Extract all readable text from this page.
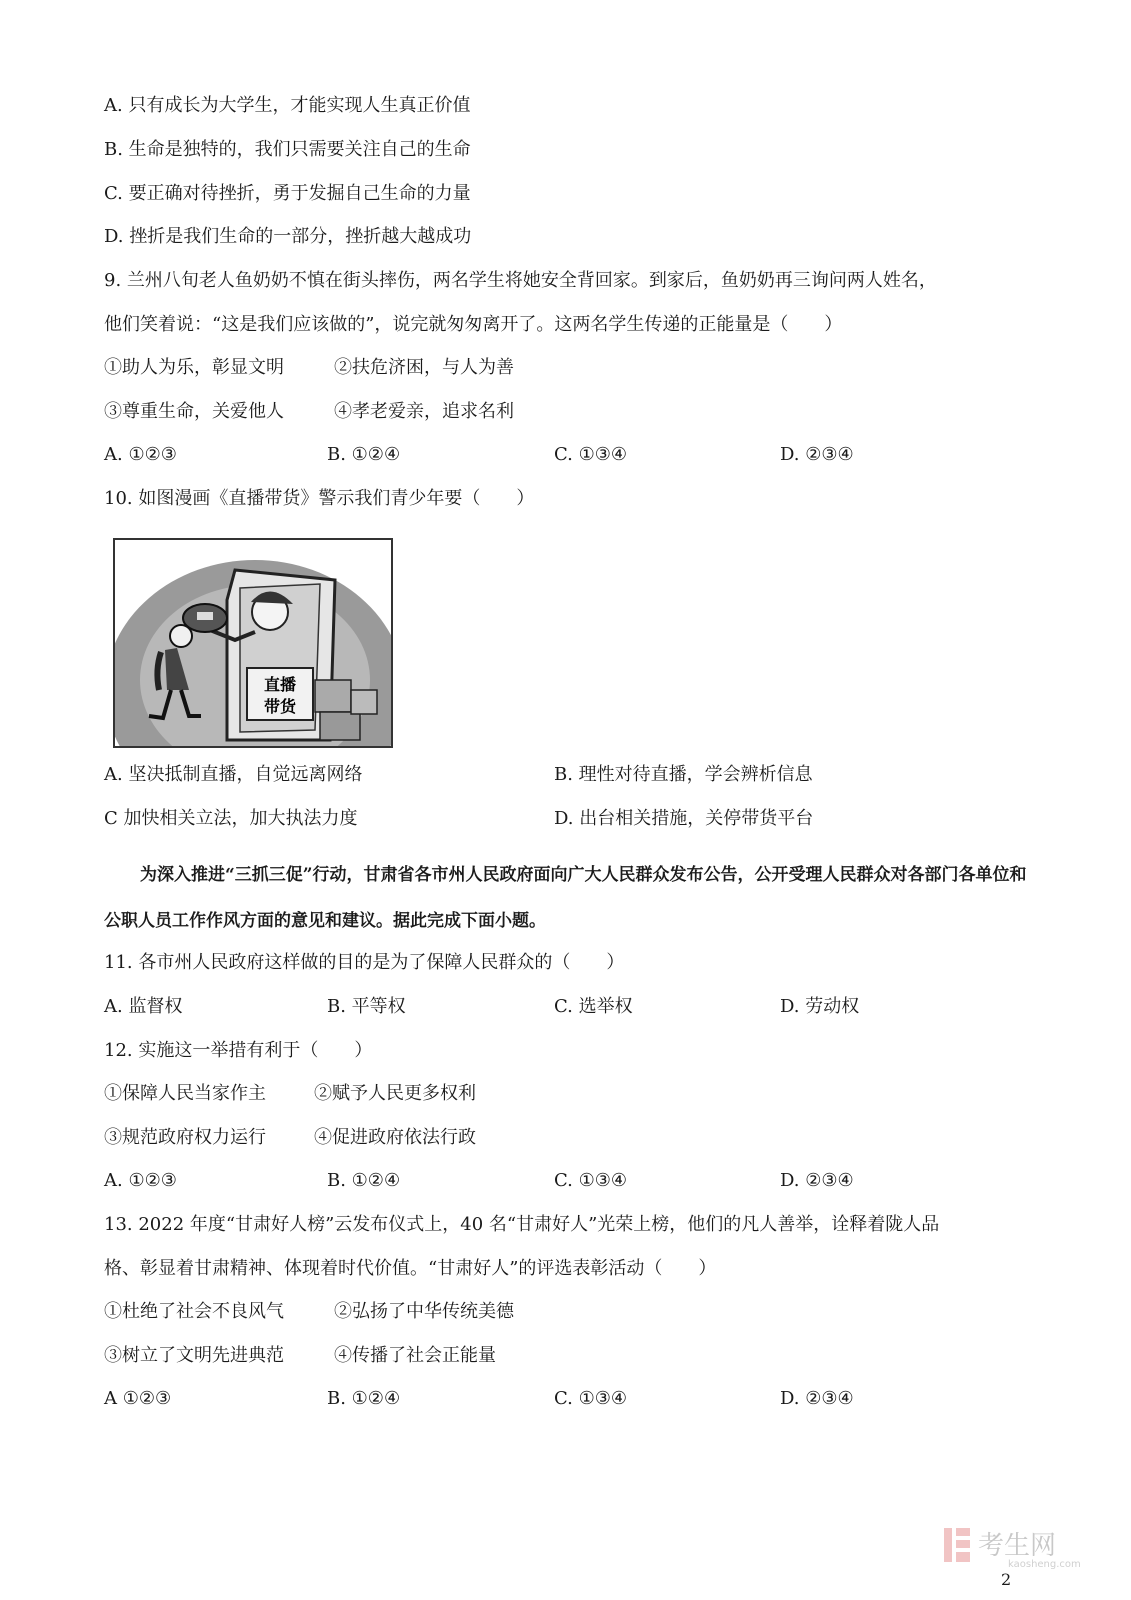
A. 只有成长为大学生，才能实现人生真正价值
B. 生命是独特的，我们只需要关注自己的生命
C. 要正确对待挫折，勇于发掘自己生命的力量
D. 挫折是我们生命的一部分，挫折越大越成功
9. 兰州八旬老人鱼奶奶不慎在街头摔伤，两名学生将她安全背回家。到家后，鱼奶奶再三询问两人姓名，
他们笑着说：“这是我们应该做的”，说完就匆匆离开了。这两名学生传递的正能量是（　　）
①助人为乐，彰显文明	②扶危济困，与人为善
③尊重生命，关爱他人	④孝老爱亲，追求名利
A. ①②③	B. ①②④	C. ①③④	D. ②③④
10. 如图漫画《直播带货》警示我们青少年要（　　）
直播
带货
A. 坚决抵制直播，自觉远离网络	B. 理性对待直播，学会辨析信息
C 加快相关立法，加大执法力度	D. 出台相关措施，关停带货平台
为深入推进“三抓三促”行动，甘肃省各市州人民政府面向广大人民群众发布公告，公开受理人民群众对各部门各单位和公职人员工作作风方面的意见和建议。据此完成下面小题。
11. 各市州人民政府这样做的目的是为了保障人民群众的（　　）
A. 监督权	B. 平等权	C. 选举权	D. 劳动权
12. 实施这一举措有利于（　　）
①保障人民当家作主	②赋予人民更多权利
③规范政府权力运行	④促进政府依法行政
A. ①②③	B. ①②④	C. ①③④	D. ②③④
13. 2022 年度“甘肃好人榜”云发布仪式上，40 名“甘肃好人”光荣上榜，他们的凡人善举，诠释着陇人品
格、彰显着甘肃精神、体现着时代价值。“甘肃好人”的评选表彰活动（　　）
①杜绝了社会不良风气	②弘扬了中华传统美德
③树立了文明先进典范	④传播了社会正能量
A ①②③	B. ①②④	C. ①③④	D. ②③④
考生网
kaosheng.com
2
